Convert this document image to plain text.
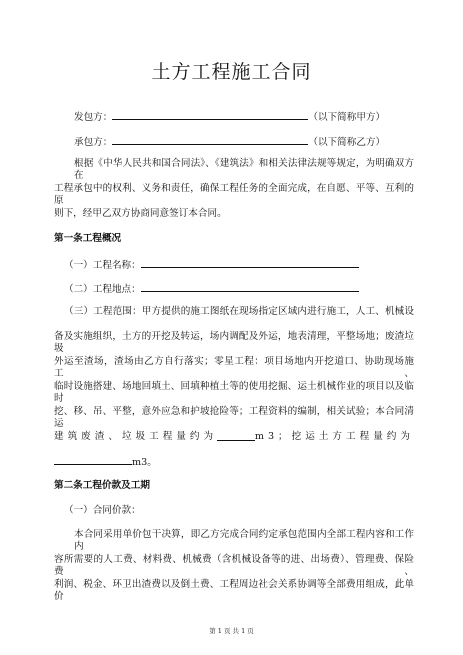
土方工程施工合同
发包方：	（以下简称甲方）
承包方：	（以下简称乙方）
根据《中华人民共和国合同法》、《建筑法》和相关法律法规等规定，为明确双方在
工程承包中的权利、义务和责任，确保工程任务的全面完成，在自愿、平等、互利的原
则下，经甲乙双方协商同意签订本合同。
第一条工程概况
（一）工程名称：
（二）工程地点：
（三）工程范围：甲方提供的施工图纸在现场指定区域内进行施工，人工、机械设
备及实施组织，土方的开挖及转运，场内调配及外运，地表清理，平整场地；废渣垃圾
外运至渣场，渣场由乙方自行落实；零星工程：项目场地内开挖道口、协助现场施工、
临时设施搭建、场地回填土、回填种植土等的使用挖掘、运土机械作业的项目以及临时
挖、移、吊、平整，意外应急和护坡抢险等；工程资料的编制，相关试验；本合同清运
建筑废渣、垃圾工程量约为	m3；挖运土方工程量约为
m3。
第二条工程价款及工期
（一）合同价款：
本合同采用单价包干决算，即乙方完成合同约定承包范围内全部工程内容和工作内
容所需要的人工费、材料费、机械费（含机械设备等的进、出场费）、管理费、保险费、
利润、税金、环卫出渣费以及倒土费、工程周边社会关系协调等全部费用组成，此单价
第 1 页 共 1 页
